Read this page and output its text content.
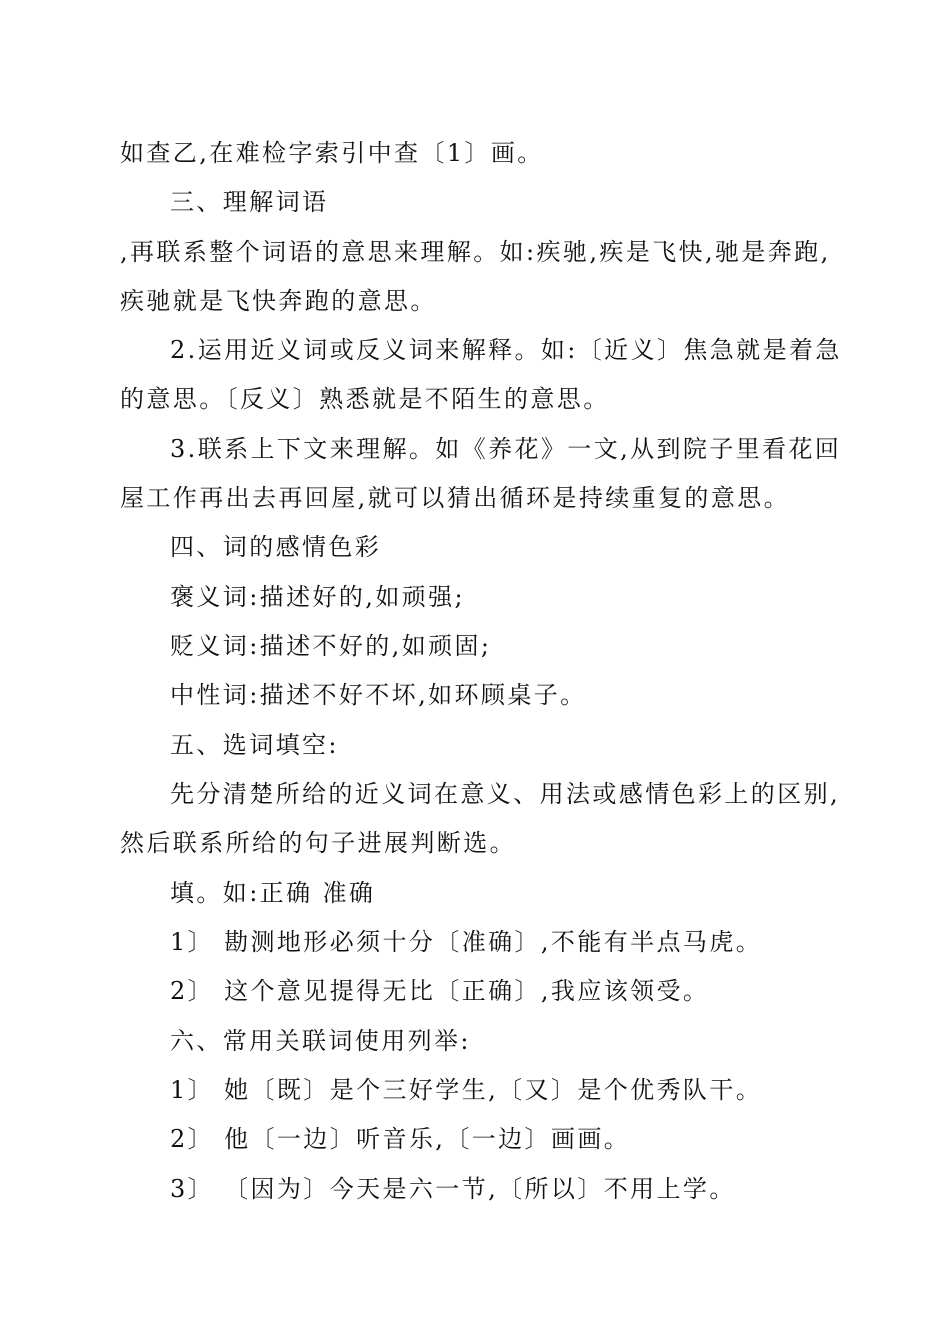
如查乙,在难检字索引中查〔1〕画。
三、理解词语
,再联系整个词语的意思来理解。如:疾驰,疾是飞快,驰是奔跑,
疾驰就是飞快奔跑的意思。
2.运用近义词或反义词来解释。如:〔近义〕焦急就是着急
的意思。〔反义〕熟悉就是不陌生的意思。
3.联系上下文来理解。如《养花》一文,从到院子里看花回
屋工作再出去再回屋,就可以猜出循环是持续重复的意思。
四、词的感情色彩
褒义词:描述好的,如顽强;
贬义词:描述不好的,如顽固;
中性词:描述不好不坏,如环顾桌子。
五、选词填空:
先分清楚所给的近义词在意义、用法或感情色彩上的区别,
然后联系所给的句子进展判断选。
填。如:正确 准确
1〕 勘测地形必须十分〔准确〕,不能有半点马虎。
2〕 这个意见提得无比〔正确〕,我应该领受。
六、常用关联词使用列举:
1〕 她〔既〕是个三好学生,〔又〕是个优秀队干。
2〕 他〔一边〕听音乐,〔一边〕画画。
3〕 〔因为〕今天是六一节,〔所以〕不用上学。
